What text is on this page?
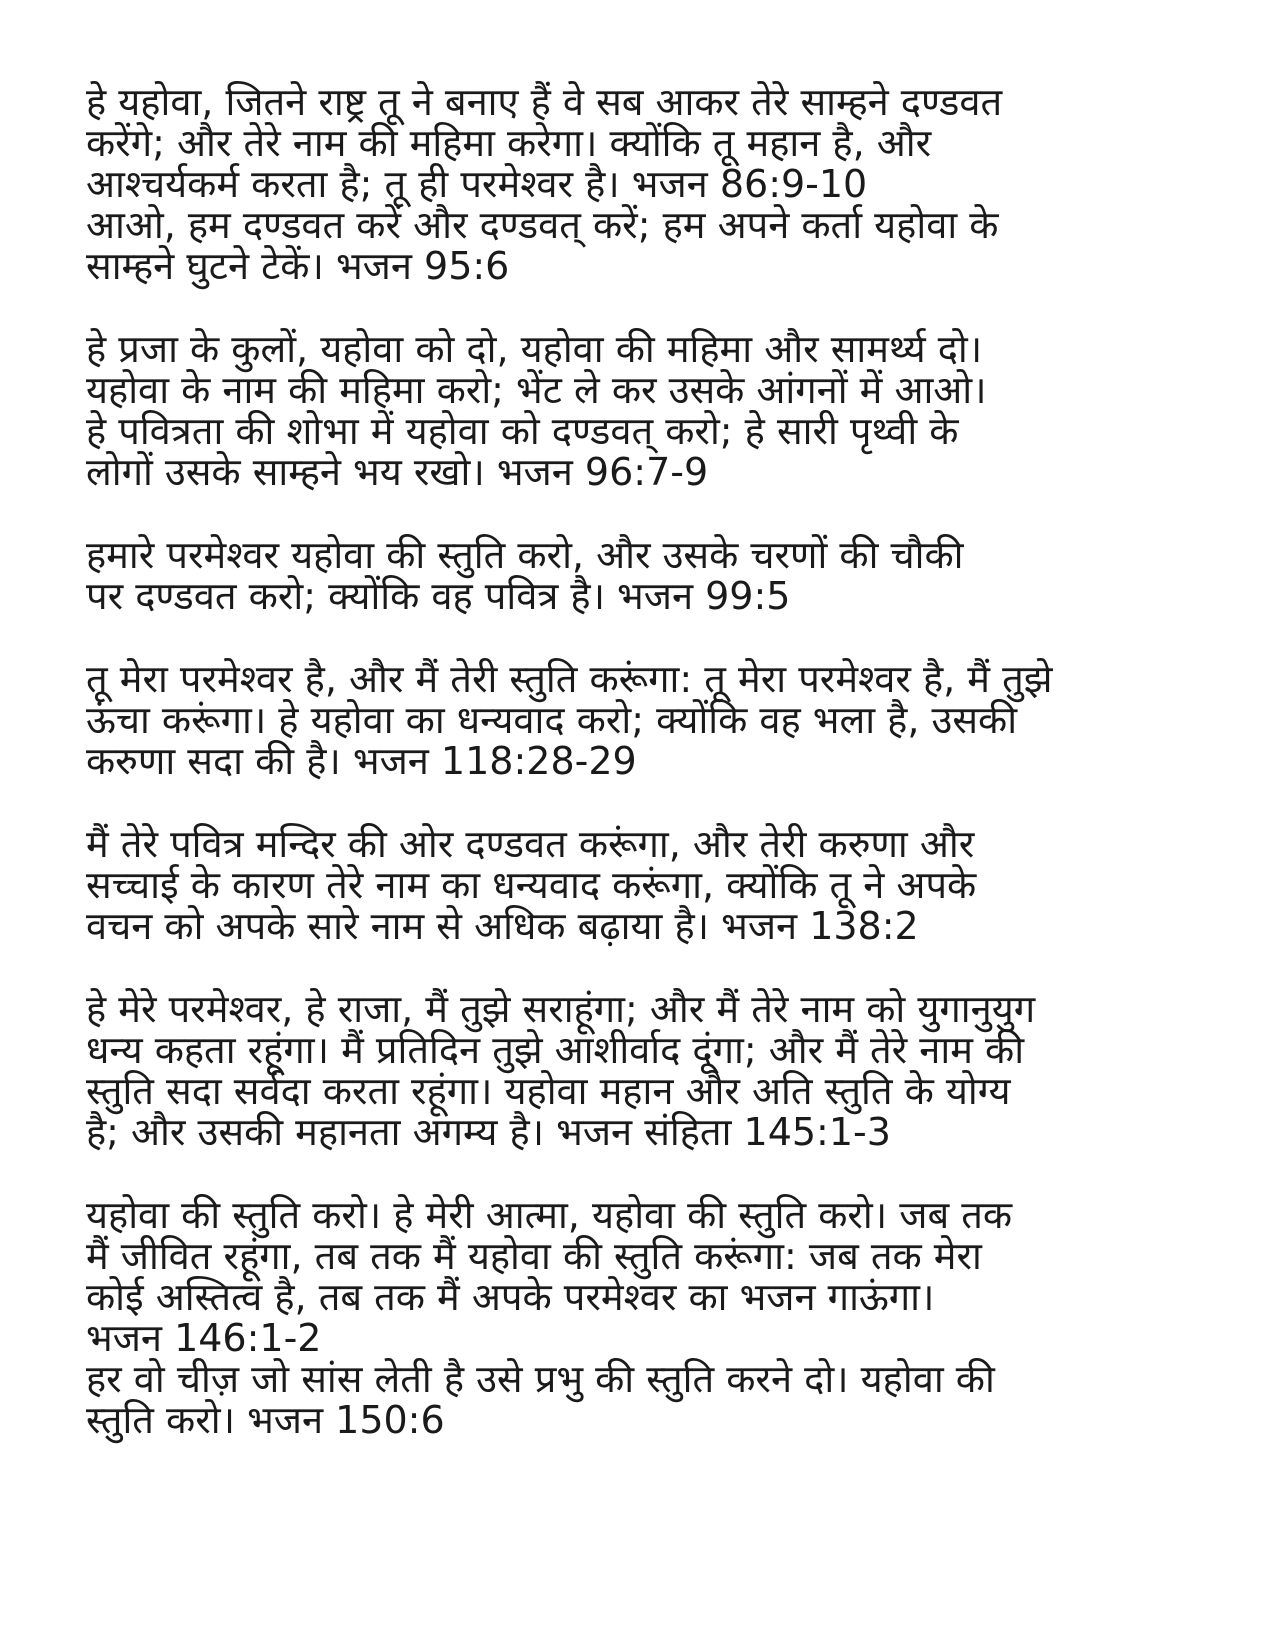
हे यहोवा, जितने राष्ट्र तू ने बनाए हैं वे सब आकर तेरे साम्हने दण्डवत
करेंगे; और तेरे नाम की महिमा करेगा। क्योंकि तू महान है, और
आश्चर्यकर्म करता है; तू ही परमेश्वर है। भजन 86:9-10
आओ, हम दण्डवत करें और दण्डवत् करें; हम अपने कर्ता यहोवा के
साम्हने घुटने टेकें। भजन 95:6
हे प्रजा के कुलों, यहोवा को दो, यहोवा की महिमा और सामर्थ्य दो।
यहोवा के नाम की महिमा करो; भेंट ले कर उसके आंगनों में आओ।
हे पवित्रता की शोभा में यहोवा को दण्डवत् करो; हे सारी पृथ्वी के
लोगों उसके साम्हने भय रखो। भजन 96:7-9
हमारे परमेश्वर यहोवा की स्तुति करो, और उसके चरणों की चौकी
पर दण्डवत करो; क्योंकि वह पवित्र है। भजन 99:5
तू मेरा परमेश्वर है, और मैं तेरी स्तुति करूंगा: तू मेरा परमेश्वर है, मैं तुझे
ऊंचा करूंगा। हे यहोवा का धन्यवाद करो; क्योंकि वह भला है, उसकी
करुणा सदा की है। भजन 118:28-29
मैं तेरे पवित्र मन्दिर की ओर दण्डवत करूंगा, और तेरी करुणा और
सच्चाई के कारण तेरे नाम का धन्यवाद करूंगा, क्योंकि तू ने अपके
वचन को अपके सारे नाम से अधिक बढ़ाया है। भजन 138:2
हे मेरे परमेश्वर, हे राजा, मैं तुझे सराहूंगा; और मैं तेरे नाम को युगानुयुग
धन्य कहता रहूंगा। मैं प्रतिदिन तुझे आशीर्वाद दूंगा; और मैं तेरे नाम की
स्तुति सदा सर्वदा करता रहूंगा। यहोवा महान और अति स्तुति के योग्य
है; और उसकी महानता अगम्य है। भजन संहिता 145:1-3
यहोवा की स्तुति करो। हे मेरी आत्मा, यहोवा की स्तुति करो। जब तक
मैं जीवित रहूंगा, तब तक मैं यहोवा की स्तुति करूंगा: जब तक मेरा
कोई अस्तित्व है, तब तक मैं अपके परमेश्वर का भजन गाऊंगा।
भजन 146:1-2
हर वो चीज़ जो सांस लेती है उसे प्रभु की स्तुति करने दो। यहोवा की
स्तुति करो। भजन 150:6
